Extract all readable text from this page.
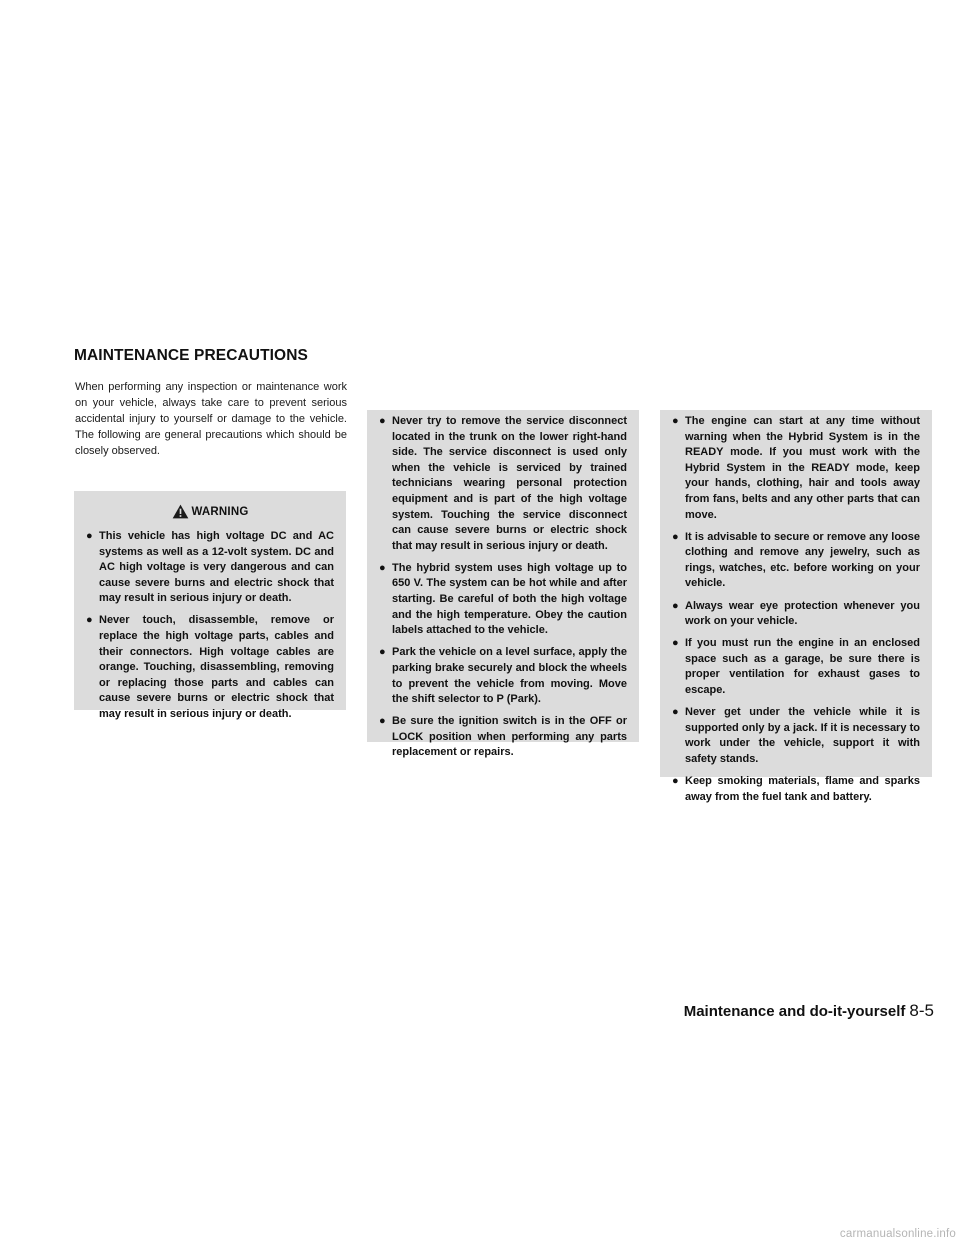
MAINTENANCE PRECAUTIONS

When performing any inspection or maintenance work on your vehicle, always take care to prevent serious accidental injury to yourself or damage to the vehicle. The following are general precautions which should be closely observed.

WARNING
● This vehicle has high voltage DC and AC systems as well as a 12-volt system. DC and AC high voltage is very dangerous and can cause severe burns and electric shock that may result in serious injury or death.
● Never touch, disassemble, remove or replace the high voltage parts, cables and their connectors. High voltage cables are orange. Touching, disassembling, removing or replacing those parts and cables can cause severe burns or electric shock that may result in serious injury or death.
● Never try to remove the service disconnect located in the trunk on the lower right-hand side. The service disconnect is used only when the vehicle is serviced by trained technicians wearing personal protection equipment and is part of the high voltage system. Touching the service disconnect can cause severe burns or electric shock that may result in serious injury or death.
● The hybrid system uses high voltage up to 650 V. The system can be hot while and after starting. Be careful of both the high voltage and the high temperature. Obey the caution labels attached to the vehicle.
● Park the vehicle on a level surface, apply the parking brake securely and block the wheels to prevent the vehicle from moving. Move the shift selector to P (Park).
● Be sure the ignition switch is in the OFF or LOCK position when performing any parts replacement or repairs.
● The engine can start at any time without warning when the Hybrid System is in the READY mode. If you must work with the Hybrid System in the READY mode, keep your hands, clothing, hair and tools away from fans, belts and any other parts that can move.
● It is advisable to secure or remove any loose clothing and remove any jewelry, such as rings, watches, etc. before working on your vehicle.
● Always wear eye protection whenever you work on your vehicle.
● If you must run the engine in an enclosed space such as a garage, be sure there is proper ventilation for exhaust gases to escape.
● Never get under the vehicle while it is supported only by a jack. If it is necessary to work under the vehicle, support it with safety stands.
● Keep smoking materials, flame and sparks away from the fuel tank and battery.
Maintenance and do-it-yourself 8-5
carmanualsonline.info
